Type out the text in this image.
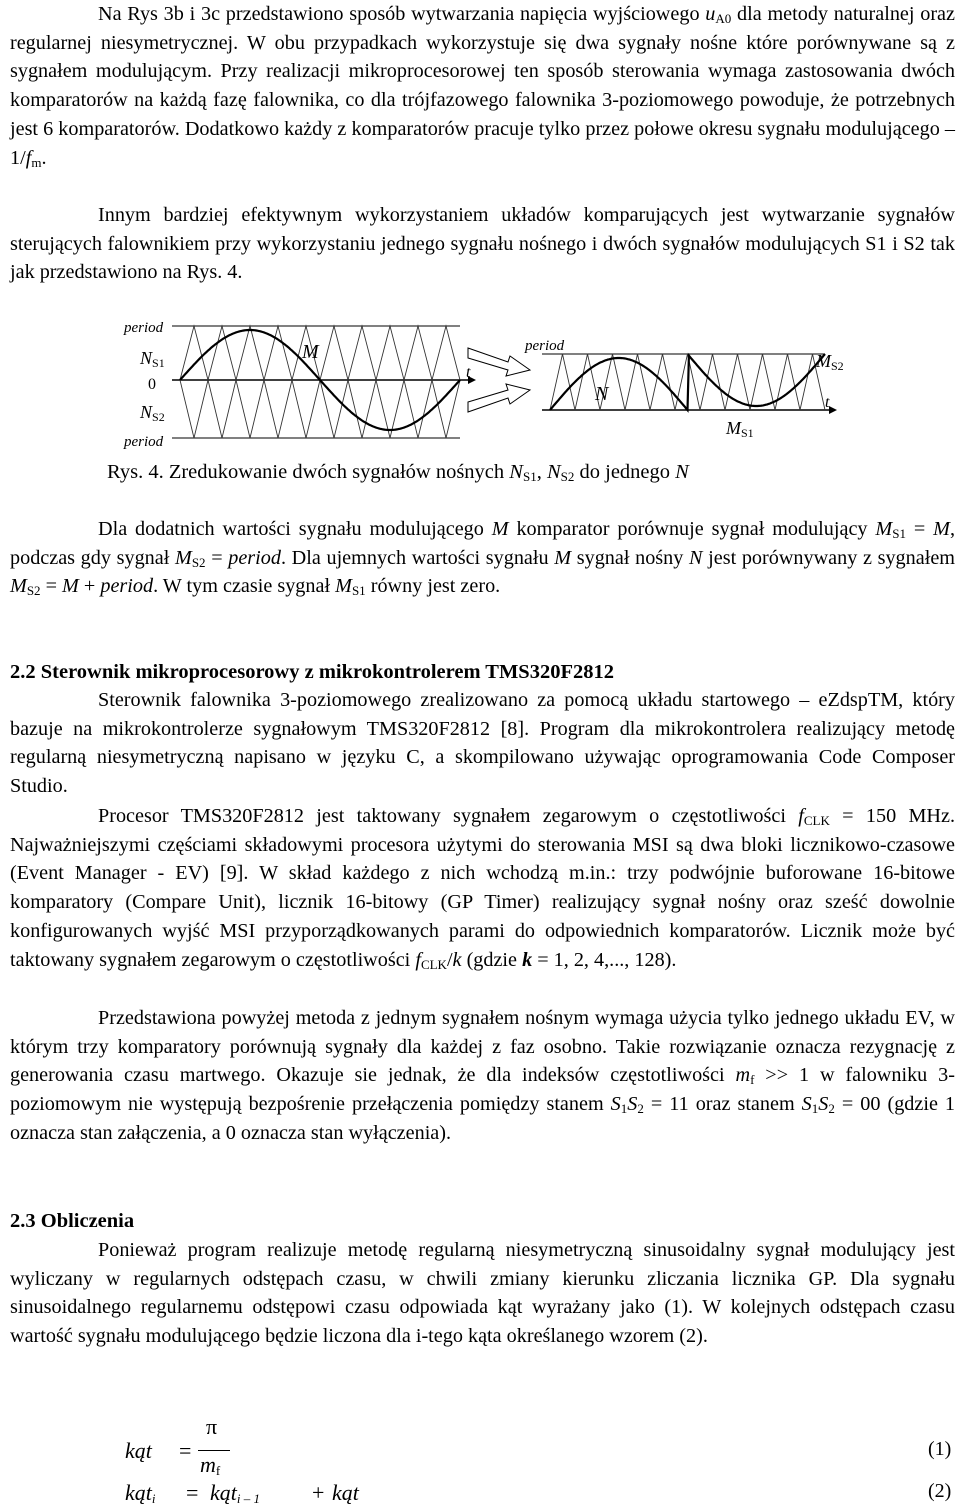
Na Rys 3b i 3c przedstawiono sposób wytwarzania napięcia wyjściowego $u_{A0}$ dla metody naturalnej oraz regularnej niesymetrycznej. W obu przypadkach wykorzystuje się dwa sygnały nośne które porównywane są z sygnałem modulującym. Przy realizacji mikroprocesorowej ten sposób sterowania wymaga zastosowania dwóch komparatorów na każdą fazę falownika, co dla trójfazowego falownika 3-poziomowego powoduje, że potrzebnych jest 6 komparatorów. Dodatkowo każdy z komparatorów pracuje tylko przez połowe okresu sygnału modulującego – $1/f_m$.

Innym bardziej efektywnym wykorzystaniem układów komparujących jest wytwarzanie sygnałów sterujących falownikiem przy wykorzystaniu jednego sygnału nośnego i dwóch sygnałów modulujących S1 i S2 tak jak przedstawiono na Rys. 4.

period
NS1
0
NS2
period
M
t
period
N
MS2
MS1
t
Rys. 4. Zredukowanie dwóch sygnałów nośnych $N_{S1}$, $N_{S2}$ do jednego N

Dla dodatnich wartości sygnału modulującego M komparator porównuje sygnał modulujący $M_{S1} = M$, podczas gdy sygnał $M_{S2}$ = period. Dla ujemnych wartości sygnału M sygnał nośny N jest porównywany z sygnałem $M_{S2} = M$ + period. W tym czasie sygnał $M_{S1}$ równy jest zero.

2.2 Sterownik mikroprocesorowy z mikrokontrolerem TMS320F2812

Sterownik falownika 3-poziomowego zrealizowano za pomocą układu startowego – eZdspTM, który bazuje na mikrokontrolerze sygnałowym TMS320F2812 [8]. Program dla mikrokontrolera realizujący metodę regularną niesymetryczną napisano w języku C, a skompilowano używając oprogramowania Code Composer Studio.

Procesor TMS320F2812 jest taktowany sygnałem zegarowym o częstotliwości $f_{CLK} = 150$ MHz. Najważniejszymi częściami składowymi procesora użytymi do sterowania MSI są dwa bloki licznikowo-czasowe (Event Manager - EV) [9]. W skład każdego z nich wchodzą m.in.: trzy podwójnie buforowane 16-bitowe komparatory (Compare Unit), licznik 16-bitowy (GP Timer) realizujący sygnał nośny oraz sześć dowolnie konfigurowanych wyjść MSI przyporządkowanych parami do odpowiednich komparatorów. Licznik może być taktowany sygnałem zegarowym o częstotliwości $f_{CLK}/k$ (gdzie k = 1, 2, 4,..., 128).

Przedstawiona powyżej metoda z jednym sygnałem nośnym wymaga użycia tylko jednego układu EV, w którym trzy komparatory porównują sygnały dla każdej z faz osobno. Takie rozwiązanie oznacza rezygnację z generowania czasu martwego. Okazuje sie jednak, że dla indeksów częstotliwości $m_f >> 1$ w falowniku 3-poziomowym nie występują bezpośrenie przełączenia pomiędzy stanem $S_1S_2 = 11$ oraz stanem $S_1S_2 = 00$ (gdzie 1 oznacza stan załączenia, a 0 oznacza stan wyłączenia).

2.3 Obliczenia

Ponieważ program realizuje metodę regularną niesymetryczną sinusoidalny sygnał modulujący jest wyliczany w regularnych odstępach czasu, w chwili zmiany kierunku zliczania licznika GP. Dla sygnału sinusoidalnego regularnemu odstępowi czasu odpowiada kąt wyrażany jako (1). W kolejnych odstępach czasu wartość sygnału modulującego będzie liczona dla i-tego kąta określanego wzorem (2).

kąt =
π
$m_f$
(1)
kąt$_i$ = kąt$_{i - 1}$ + kąt	(2)
